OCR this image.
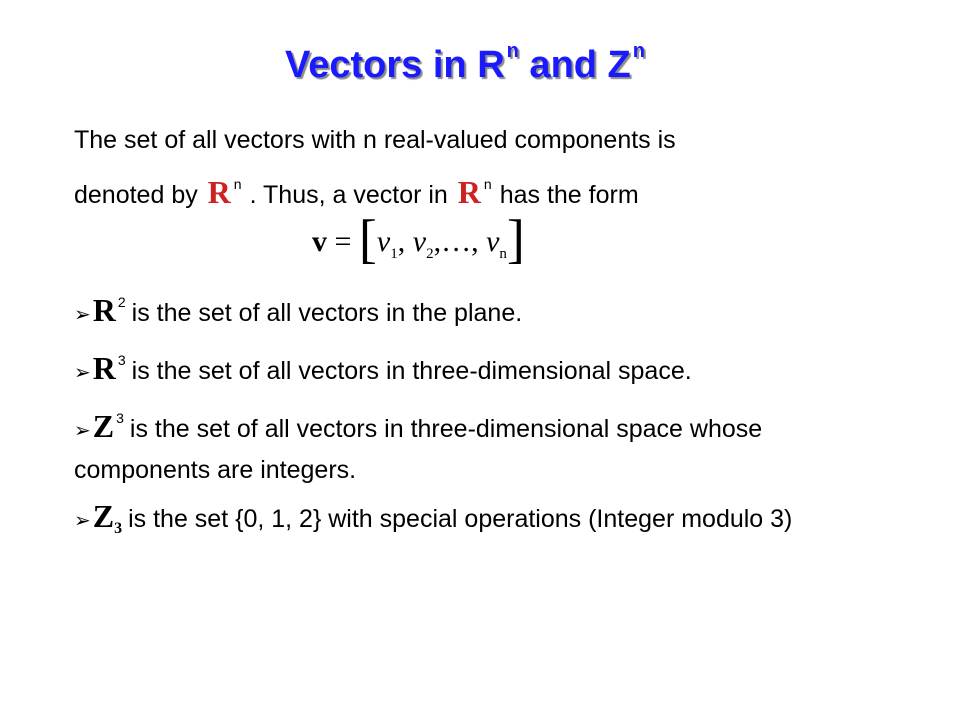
Vectors in R $^n$ and Z $^n$
The set of all vectors with n real-valued components is
denoted by R $^n$ . Thus, a vector in R $^n$ has the form
$v = [v_1$, $v_2,\dots$, $v_n$]
➢R $^2$ is the set of all vectors in the plane.
➢R $^3$ is the set of all vectors in three-dimensional space.
➢Z $^3$ is the set of all vectors in three-dimensional space whose components are integers.
$➢Z_3$ is the set {0, 1, 2} with special operations (Integer modulo 3)
